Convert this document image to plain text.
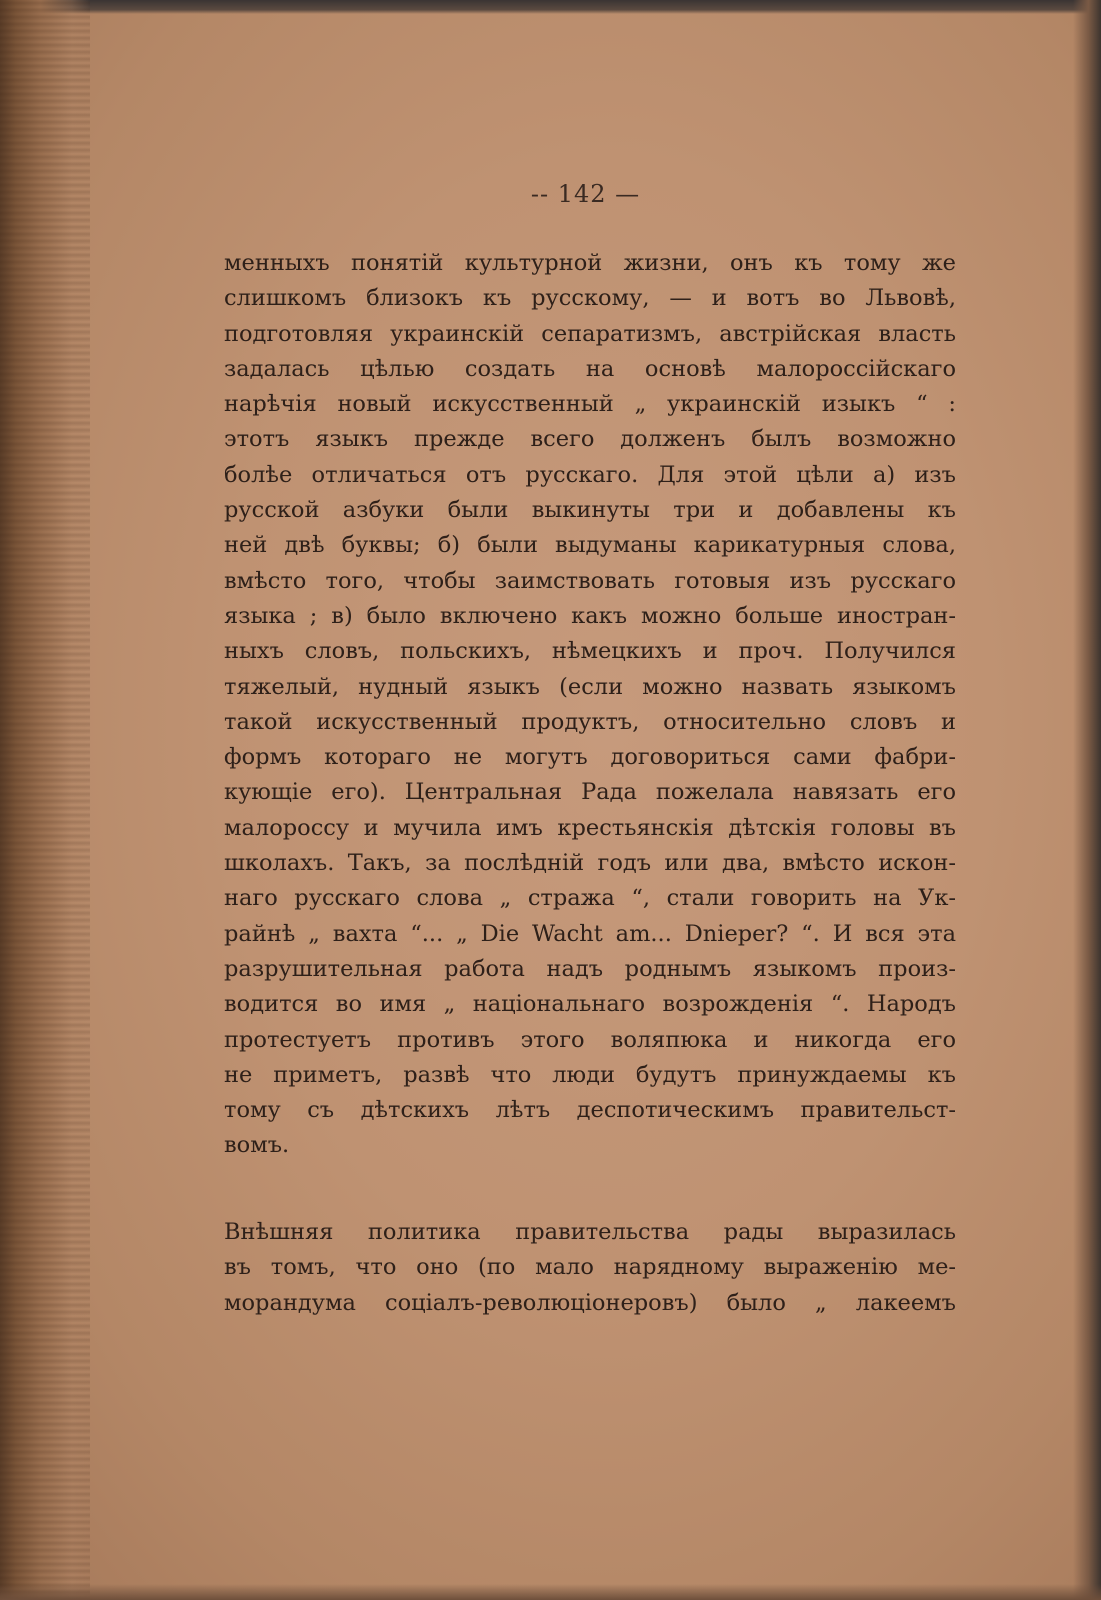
-- 142 —
менныхъ понятій культурной жизни, онъ къ тому же
слишкомъ близокъ къ русскому, — и вотъ во Львовѣ,
подготовляя украинскій сепаратизмъ, австрійская власть
задалась цѣлью создать на основѣ малороссійскаго
нарѣчія новый искусственный „ украинскій изыкъ “ :
этотъ языкъ прежде всего долженъ былъ возможно
болѣе отличаться отъ русскаго. Для этой цѣли а) изъ
русской азбуки были выкинуты три и добавлены къ
ней двѣ буквы; б) были выдуманы карикатурныя слова,
вмѣсто того, чтобы заимствовать готовыя изъ русскаго
языка ; в) было включено какъ можно больше иностран-
ныхъ словъ, польскихъ, нѣмецкихъ и проч. Получился
тяжелый, нудный языкъ (если можно назвать языкомъ
такой искусственный продуктъ, относительно словъ и
формъ котораго не могутъ договориться сами фабри-
кующіе его). Центральная Рада пожелала навязать его
малороссу и мучила имъ крестьянскія дѣтскія головы въ
школахъ. Такъ, за послѣдній годъ или два, вмѣсто искон-
наго русскаго слова „ стража “, стали говорить на Ук-
райнѣ „ вахта “... „ Die Wacht am... Dnieper? “. И вся эта
разрушительная работа надъ роднымъ языкомъ произ-
водится во имя „ національнаго возрожденія “. Народъ
протестуетъ противъ этого воляпюка и никогда его
не приметъ, развѣ что люди будутъ принуждаемы къ
тому съ дѣтскихъ лѣтъ деспотическимъ правительст-
вомъ.
Внѣшняя политика правительства рады выразилась
въ томъ, что оно (по мало нарядному выраженію ме-
морандума соціалъ-революціонеровъ) было „ лакеемъ
